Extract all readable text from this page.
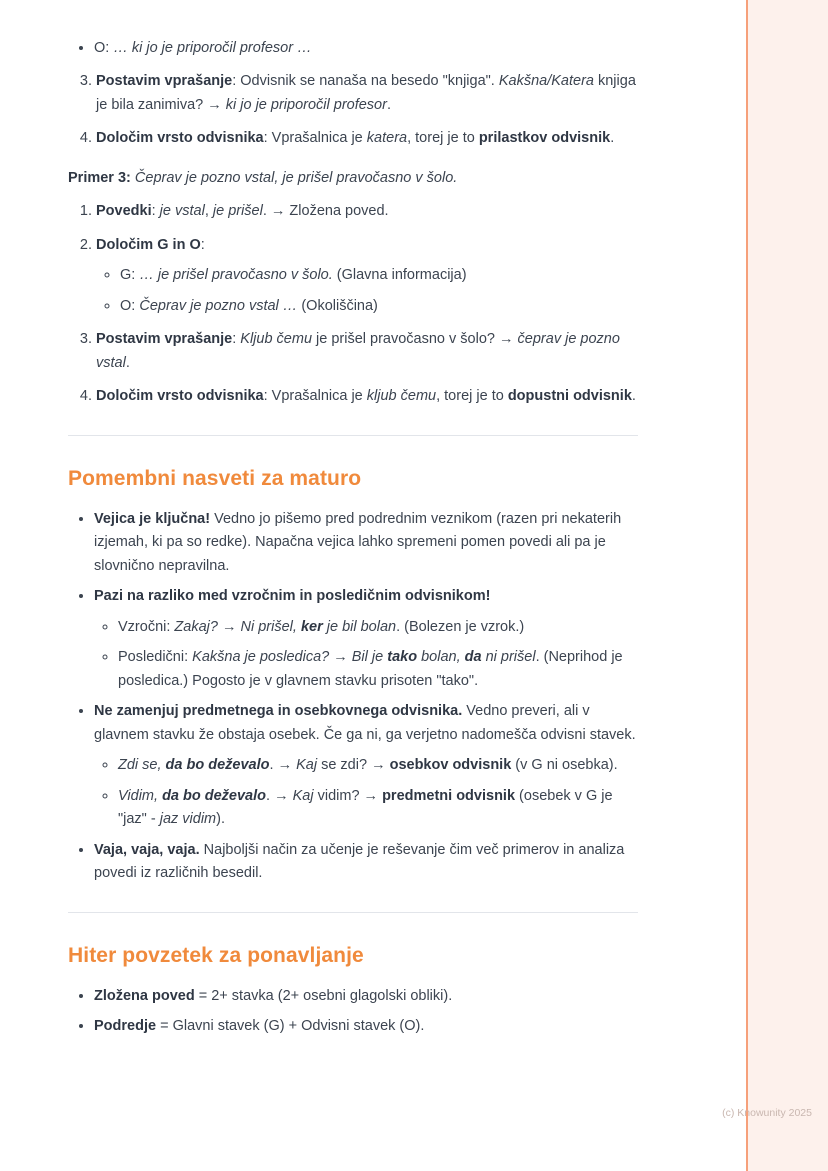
• O: … ki jo je priporočil profesor …
3. Postavim vprašanje: Odvisnik se nanaša na besedo "knjiga". Kakšna/Katera knjiga je bila zanimiva? → ki jo je priporočil profesor.
4. Določim vrsto odvisnika: Vprašalnica je katera, torej je to prilastkov odvisnik.

Primer 3: Čeprav je pozno vstal, je prišel pravočasno v šolo.

1. Povedki: je vstal, je prišel. → Zložena poved.
2. Določim G in O:
◦ G: … je prišel pravočasno v šolo. (Glavna informacija)
◦ O: Čeprav je pozno vstal … (Okoliščina)
3. Postavim vprašanje: Kljub čemu je prišel pravočasno v šolo? → čeprav je pozno vstal.
4. Določim vrsto odvisnika: Vprašalnica je kljub čemu, torej je to dopustni odvisnik.
Pomembni nasveti za maturo
• Vejica je ključna! Vedno jo pišemo pred podrednim veznikom (razen pri nekaterih izjemah, ki pa so redke). Napačna vejica lahko spremeni pomen povedi ali pa je slovnično nepravilna.
• Pazi na razliko med vzročnim in posledičnim odvisnikom!
◦ Vzročni: Zakaj? → Ni prišel, ker je bil bolan. (Bolezen je vzrok.)
◦ Posledični: Kakšna je posledica? → Bil je tako bolan, da ni prišel. (Neprihod je posledica.) Pogosto je v glavnem stavku prisoten "tako".
• Ne zamenjuj predmetnega in osebkovnega odvisnika. Vedno preveri, ali v glavnem stavku že obstaja osebek. Če ga ni, ga verjetno nadomešča odvisni stavek.
◦ Zdi se, da bo deževalo. → Kaj se zdi? → osebkov odvisnik (v G ni osebka).
◦ Vidim, da bo deževalo. → Kaj vidim? → predmetni odvisnik (osebek v G je "jaz" - jaz vidim).
• Vaja, vaja, vaja. Najboljši način za učenje je reševanje čim več primerov in analiza povedi iz različnih besedil.
Hiter povzetek za ponavljanje
• Zložena poved = 2+ stavka (2+ osebni glagolski obliki).
• Podredje = Glavni stavek (G) + Odvisni stavek (O).
(c) Knowunity 2025
